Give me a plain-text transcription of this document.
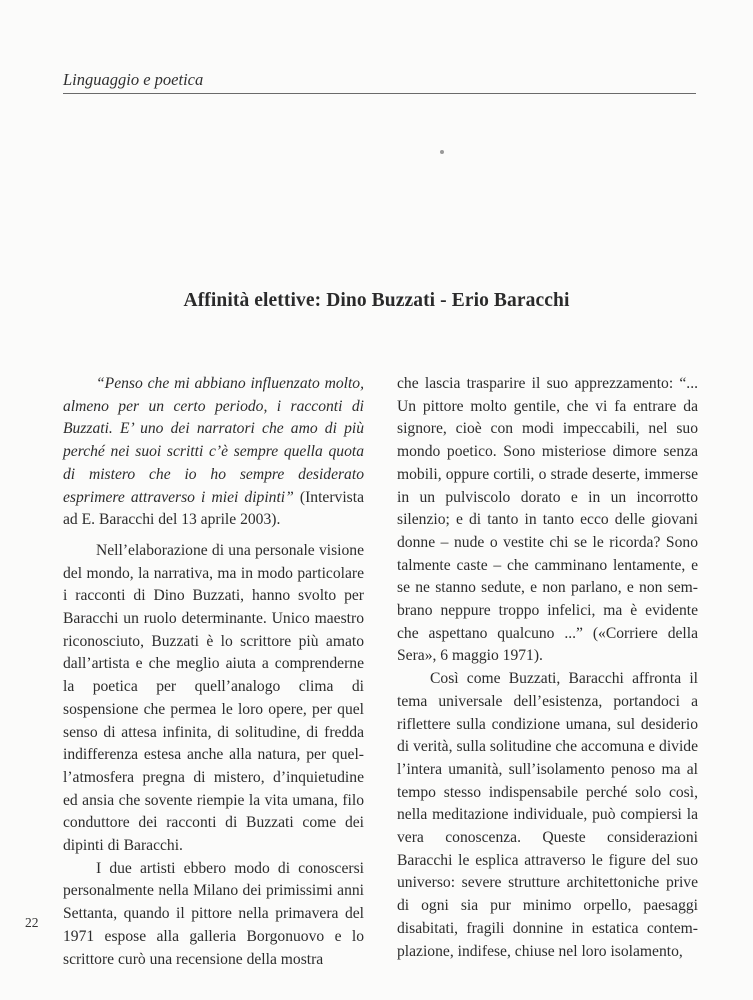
Linguaggio e poetica
Affinità elettive: Dino Buzzati - Erio Baracchi

“Penso che mi abbiano influenzato molto, almeno per un certo periodo, i racconti di Buzzati. E’ uno dei narratori che amo di più perché nei suoi scritti c’è sempre quella quota di mistero che io ho sempre desiderato esprimere attraverso i miei dipinti” (Intervista ad E. Baracchi del 13 aprile 2003).

Nell’elaborazione di una personale visione del mondo, la narrativa, ma in modo particolare i racconti di Dino Buzzati, hanno svolto per Baracchi un ruolo determinante. Unico maestro riconosciuto, Buzzati è lo scrittore più amato dall’artista e che meglio aiuta a comprenderne la poetica per quell’analogo clima di sospensione che permea le loro opere, per quel senso di attesa infinita, di solitudine, di fredda indifferenza estesa anche alla natura, per quell’atmosfera pregna di mistero, d’inquietudine ed ansia che sovente riempie la vita umana, filo conduttore dei racconti di Buzzati come dei dipinti di Baracchi.

I due artisti ebbero modo di conoscersi personalmente nella Milano dei primissimi anni Settanta, quando il pittore nella primavera del 1971 espose alla galleria Borgonuovo e lo scrittore curò una recensione della mostra

che lascia trasparire il suo apprezzamento: “... Un pittore molto gentile, che vi fa entrare da signore, cioè con modi impeccabili, nel suo mondo poetico. Sono misteriose dimore senza mobili, oppure cortili, o strade deserte, immerse in un pulviscolo dorato e in un incorrotto silenzio; e di tanto in tanto ecco delle giovani donne – nude o vestite chi se le ricorda? Sono talmente caste – che camminano lentamente, e se ne stanno sedute, e non parlano, e non sembrano neppure troppo infelici, ma è evidente che aspettano qualcuno ...” («Corriere della Sera», 6 maggio 1971).

Così come Buzzati, Baracchi affronta il tema universale dell’esistenza, portandoci a riflettere sulla condizione umana, sul desiderio di verità, sulla solitudine che accomuna e divide l’intera umanità, sull’isolamento penoso ma al tempo stesso indispensabile perché solo così, nella meditazione individuale, può compiersi la vera conoscenza. Queste considerazioni Baracchi le esplica attraverso le figure del suo universo: severe strutture architettoniche prive di ogni sia pur minimo orpello, paesaggi disabitati, fragili donnine in estatica contemplazione, indifese, chiuse nel loro isolamento,

22
